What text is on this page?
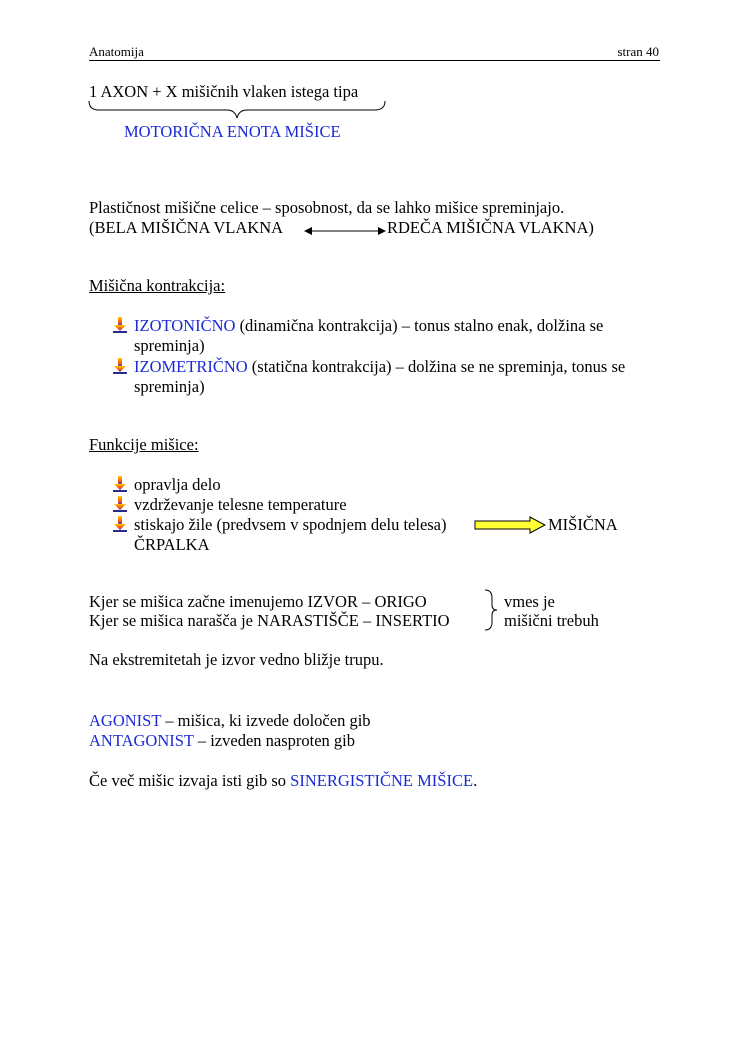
Anatomija	stran 40
1 AXON + X mišičnih vlaken istega tipa
MOTORIČNA ENOTA MIŠICE
Plastičnost mišične celice – sposobnost, da se lahko mišice spreminjajo.
(BELA MIŠIČNA VLAKNA	RDEČA MIŠIČNA VLAKNA)
Mišična kontrakcija:
IZOTONIČNO (dinamična kontrakcija) – tonus stalno enak, dolžina se
spreminja)
IZOMETRIČNO (statična kontrakcija) – dolžina se ne spreminja, tonus se
spreminja)
Funkcije mišice:
opravlja delo
vzdrževanje telesne temperature
stiskajo žile (predvsem v spodnjem delu telesa)	MIŠIČNA
ČRPALKA
Kjer se mišica začne imenujemo IZVOR – ORIGO
Kjer se mišica narašča je NARASTIŠČE – INSERTIO
vmes je
mišični trebuh
Na ekstremitetah je izvor vedno bližje trupu.
AGONIST – mišica, ki izvede določen gib
ANTAGONIST – izveden nasproten gib
Če več mišic izvaja isti gib so SINERGISTIČNE MIŠICE.
